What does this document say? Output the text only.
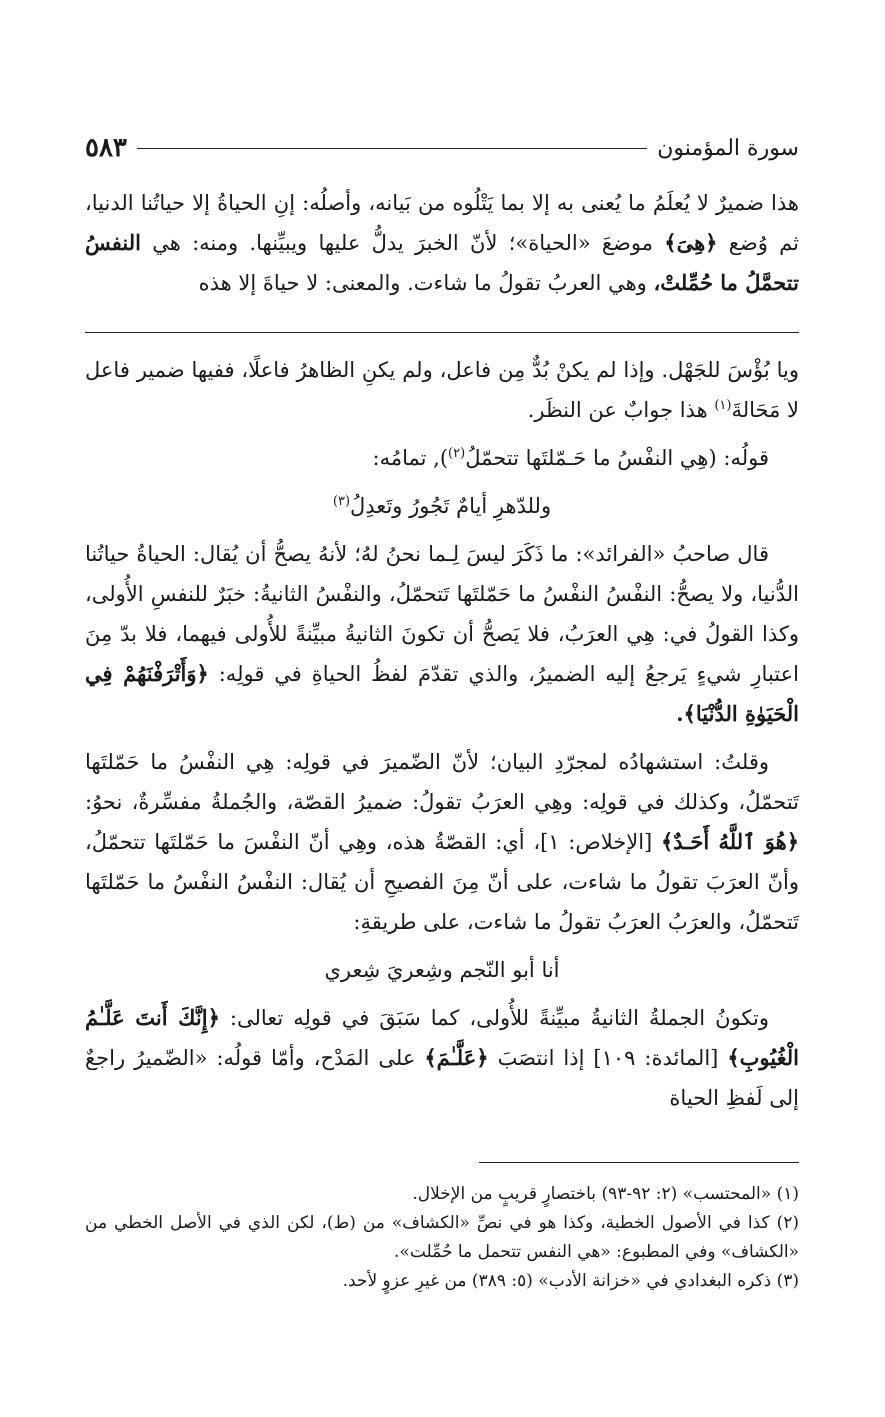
سورة المؤمنون
٥٨٣

هذا ضميرٌ لا يُعلَمُ ما يُعنى به إلا بما يَتْلُوه من بَيانه، وأصلُه: إنِ الحياةُ إلا حياتُنا الدنيا، ثم وُضع ﴿هِىَ﴾ موضعَ «الحياة»؛ لأنّ الخبرَ يدلُّ عليها ويبيِّنها. ومنه: هي النفسُ تتحمَّلُ ما حُمِّلتْ، وهي العربُ تقولُ ما شاءت. والمعنى: لا حياةَ إلا هذه

ويا بُؤْسَ للجَهْل. وإذا لم يكنْ بُدٌّ مِن فاعل، ولم يكنِ الظاهرُ فاعلًا، ففيها ضمير فاعل لا مَحَالةَ$^{(١)}$ هذا جوابٌ عن النظَر.

قولُه: (هِي النفْسُ ما حَـمّلتَها تتحمّلُ$^{(٢)}$), تمامُه:

وللدّهرِ أيامٌ تَجُورُ وتَعدِلُ$^{(٣)}$

قال صاحبُ «الفرائد»: ما ذَكَرَ ليسَ لِـما نحنُ لهُ؛ لأنهُ يصحُّ أن يُقال: الحياةُ حياتُنا الدُّنيا، ولا يصحُّ: النفْسُ النفْسُ ما حَمّلتَها تَتحمّلُ، والنفْسُ الثانيةُ: خبَرٌ للنفسِ الأُولى، وكذا القولُ في: هِي العرَبُ، فلا يَصحُّ أن تكونَ الثانيةُ مبيِّنةً للأُولى فيهما، فلا بدّ مِنَ اعتبارِ شيءٍ يَرجعُ إليه الضميرُ، والذي تقدّمَ لفظُ الحياةِ في قولِه: ﴿وَأَتْرَفْنَهُمْ فِي الْحَيَوٰةِ الدُّنْيَا﴾.

وقلتُ: استشهادُه لمجرّدِ البيان؛ لأنّ الضّميرَ في قولِه: هِي النفْسُ ما حَمّلتَها تَتحمّلُ، وكذلك في قولِه: وهِي العرَبُ تقولُ: ضميرُ القصّة، والجُملةُ مفسِّرةٌ، نحوُ: ﴿هُوَ ٱللَّهُ أَحَـدٌ﴾ [الإخلاص: ١]، أي: القصّةُ هذه، وهِي أنّ النفْسَ ما حَمّلتَها تتحمّلُ، وأنّ العرَبَ تقولُ ما شاءت، على أنّ مِنَ الفصيحِ أن يُقال: النفْسُ النفْسُ ما حَمّلتَها تَتحمّلُ، والعرَبُ العرَبُ تقولُ ما شاءت، على طريقةِ:

أنا أبو النّجم وشِعريَ شِعري

وتكونُ الجملةُ الثانيةُ مبيِّنةً للأُولى، كما سَبَقَ في قولِه تعالى: ﴿إِنَّكَ أَنتَ عَلَّـٰمُ الْغُيُوبِ﴾ [المائدة: ١٠٩] إذا انتصَبَ ﴿عَلَّـٰمَ﴾ على المَدْح، وأمّا قولُه: «الضّميرُ راجعٌ إلى لَفظِ الحياة

(١) «المحتسب» (٢: ٩٢-٩٣) باختصارٍ قريبٍ من الإخلال.

(٢) كذا في الأصول الخطية، وكذا هو في نصِّ «الكشاف» من (ط)، لكن الذي في الأصل الخطي من «الكشاف» وفي المطبوع: «هي النفس تتحمل ما حُمِّلت».

(٣) ذكره البغدادي في «خزانة الأدب» (٥: ٣٨٩) من غيرِ عزوٍ لأحد.
